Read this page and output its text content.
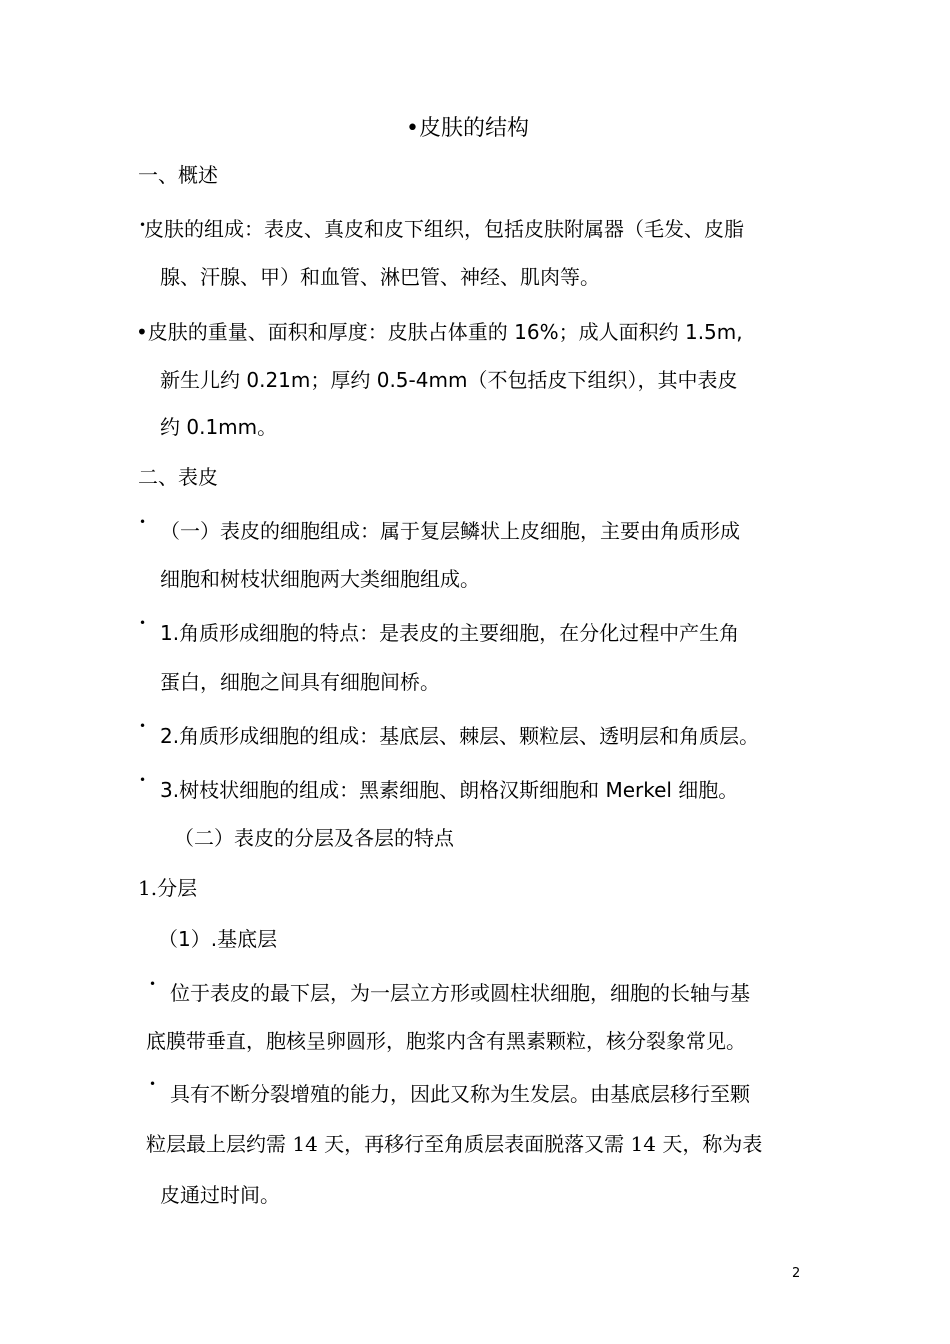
•皮肤的结构
一、概述
•
皮肤的组成：表皮、真皮和皮下组织，包括皮肤附属器（毛发、皮脂
腺、汗腺、甲）和血管、淋巴管、神经、肌肉等。
•皮肤的重量、面积和厚度：皮肤占体重的 16%；成人面积约 1.5m,
新生儿约 0.21m；厚约 0.5-4mm（不包括皮下组织），其中表皮
约 0.1mm。
二、表皮
• （一）表皮的细胞组成：属于复层鳞状上皮细胞，主要由角质形成
细胞和树枝状细胞两大类细胞组成。
• 1.角质形成细胞的特点：是表皮的主要细胞，在分化过程中产生角
蛋白，细胞之间具有细胞间桥。
• 2.角质形成细胞的组成：基底层、棘层、颗粒层、透明层和角质层。
• 3.树枝状细胞的组成：黑素细胞、朗格汉斯细胞和 Merkel 细胞。
（二）表皮的分层及各层的特点
1.分层
（1）.基底层
• 位于表皮的最下层，为一层立方形或圆柱状细胞，细胞的长轴与基
底膜带垂直，胞核呈卵圆形，胞浆内含有黑素颗粒，核分裂象常见。
• 具有不断分裂增殖的能力，因此又称为生发层。由基底层移行至颗
粒层最上层约需 14 天，再移行至角质层表面脱落又需 14 天，称为表
皮通过时间。
2
